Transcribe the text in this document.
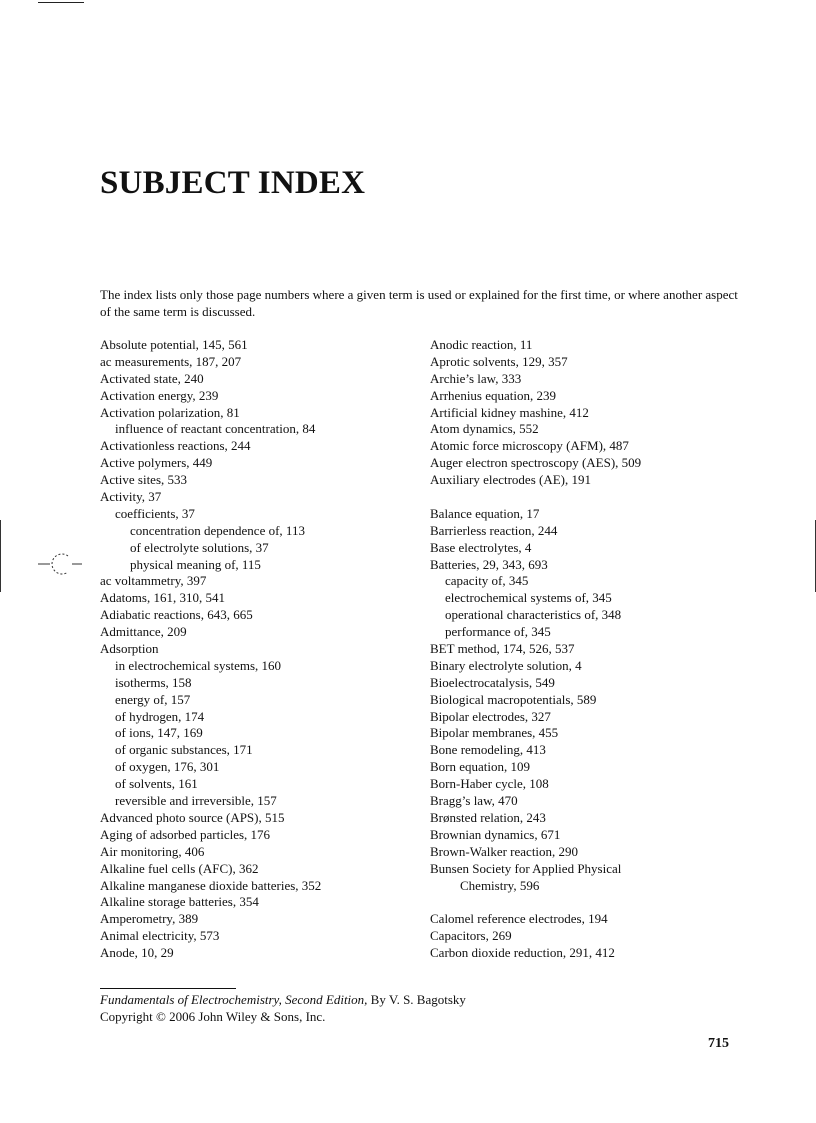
SUBJECT INDEX

The index lists only those page numbers where a given term is used or explained for the first time, or where another aspect of the same term is discussed.

Absolute potential, 145, 561
ac measurements, 187, 207
Activated state, 240
Activation energy, 239
Activation polarization, 81
influence of reactant concentration, 84
Activationless reactions, 244
Active polymers, 449
Active sites, 533
Activity, 37
coefficients, 37
concentration dependence of, 113
of electrolyte solutions, 37
physical meaning of, 115
ac voltammetry, 397
Adatoms, 161, 310, 541
Adiabatic reactions, 643, 665
Admittance, 209
Adsorption
in electrochemical systems, 160
isotherms, 158
energy of, 157
of hydrogen, 174
of ions, 147, 169
of organic substances, 171
of oxygen, 176, 301
of solvents, 161
reversible and irreversible, 157
Advanced photo source (APS), 515
Aging of adsorbed particles, 176
Air monitoring, 406
Alkaline fuel cells (AFC), 362
Alkaline manganese dioxide batteries, 352
Alkaline storage batteries, 354
Amperometry, 389
Animal electricity, 573
Anode, 10, 29
Anodic reaction, 11
Aprotic solvents, 129, 357
Archie’s law, 333
Arrhenius equation, 239
Artificial kidney mashine, 412
Atom dynamics, 552
Atomic force microscopy (AFM), 487
Auger electron spectroscopy (AES), 509
Auxiliary electrodes (AE), 191
Balance equation, 17
Barrierless reaction, 244
Base electrolytes, 4
Batteries, 29, 343, 693
capacity of, 345
electrochemical systems of, 345
operational characteristics of, 348
performance of, 345
BET method, 174, 526, 537
Binary electrolyte solution, 4
Bioelectrocatalysis, 549
Biological macropotentials, 589
Bipolar electrodes, 327
Bipolar membranes, 455
Bone remodeling, 413
Born equation, 109
Born-Haber cycle, 108
Bragg’s law, 470
Brønsted relation, 243
Brownian dynamics, 671
Brown-Walker reaction, 290
Bunsen Society for Applied Physical
Chemistry, 596
Calomel reference electrodes, 194
Capacitors, 269
Carbon dioxide reduction, 291, 412
Fundamentals of Electrochemistry, Second Edition, By V. S. Bagotsky
Copyright © 2006 John Wiley & Sons, Inc.
715
